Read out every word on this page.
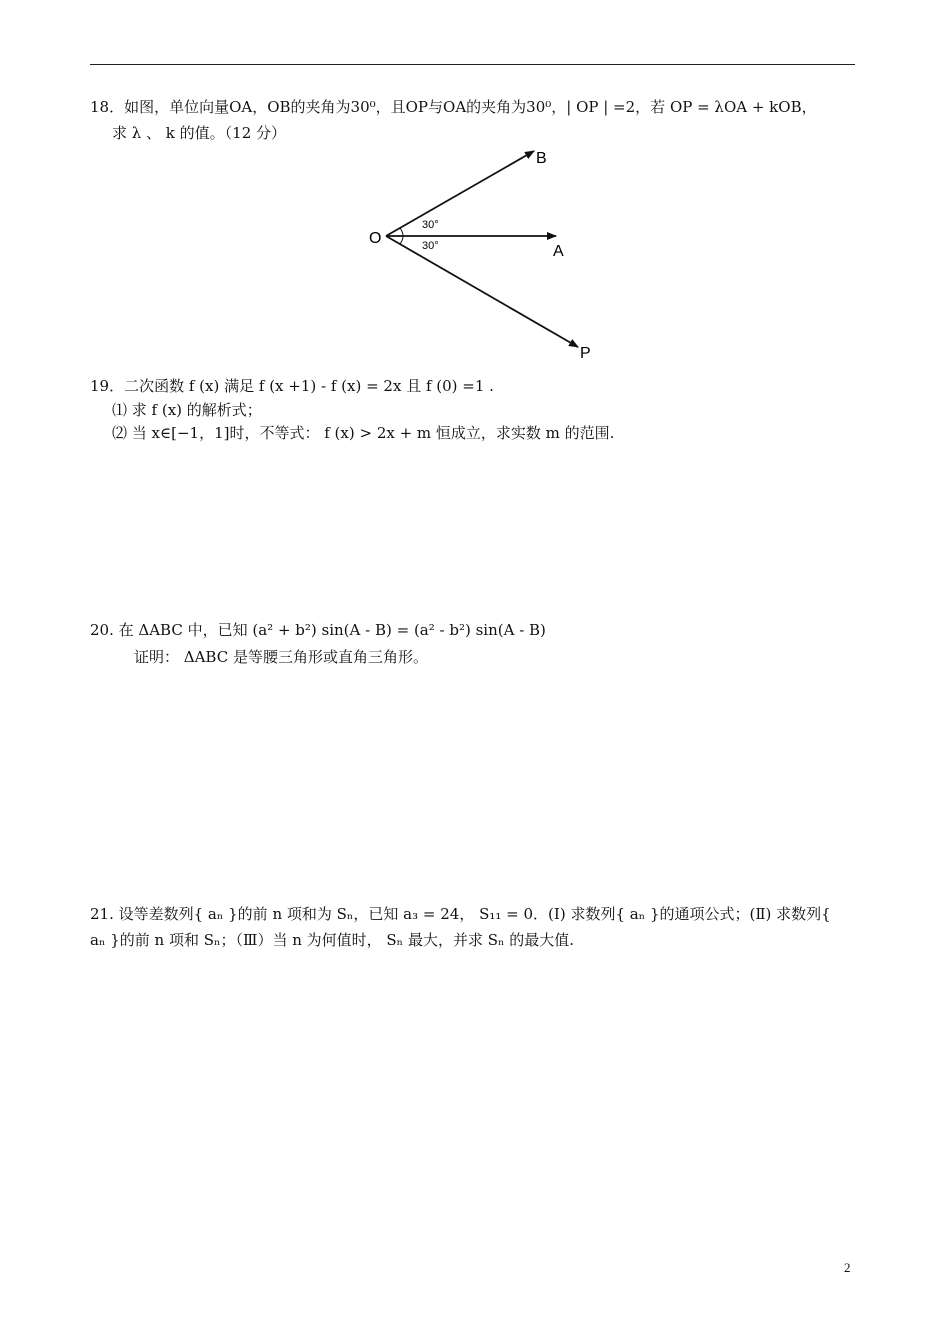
18．如图，单位向量OA，OB的夹角为30⁰，且OP与OA的夹角为30⁰，| OP | =2，若 OP = λOA + kOB，
求 λ 、 k 的值。（12 分）
O
B
A
P
30°
30°
19．二次函数 f (x) 满足 f (x +1) - f (x) = 2x 且 f (0) =1 .
⑴ 求 f (x) 的解析式；
⑵ 当 x∈[−1，1]时，不等式： f (x) > 2x + m 恒成立，求实数 m 的范围.
20. 在 ΔABC 中，已知 (a² + b²) sin(A - B) = (a² - b²) sin(A - B)
证明： ΔABC 是等腰三角形或直角三角形。
21. 设等差数列{ aₙ }的前 n 项和为 Sₙ，已知 a₃ = 24， S₁₁ = 0．(Ⅰ) 求数列{ aₙ }的通项公式；(Ⅱ) 求数列{
aₙ }的前 n 项和 Sₙ；（Ⅲ）当 n 为何值时， Sₙ 最大，并求 Sₙ 的最大值.
2
